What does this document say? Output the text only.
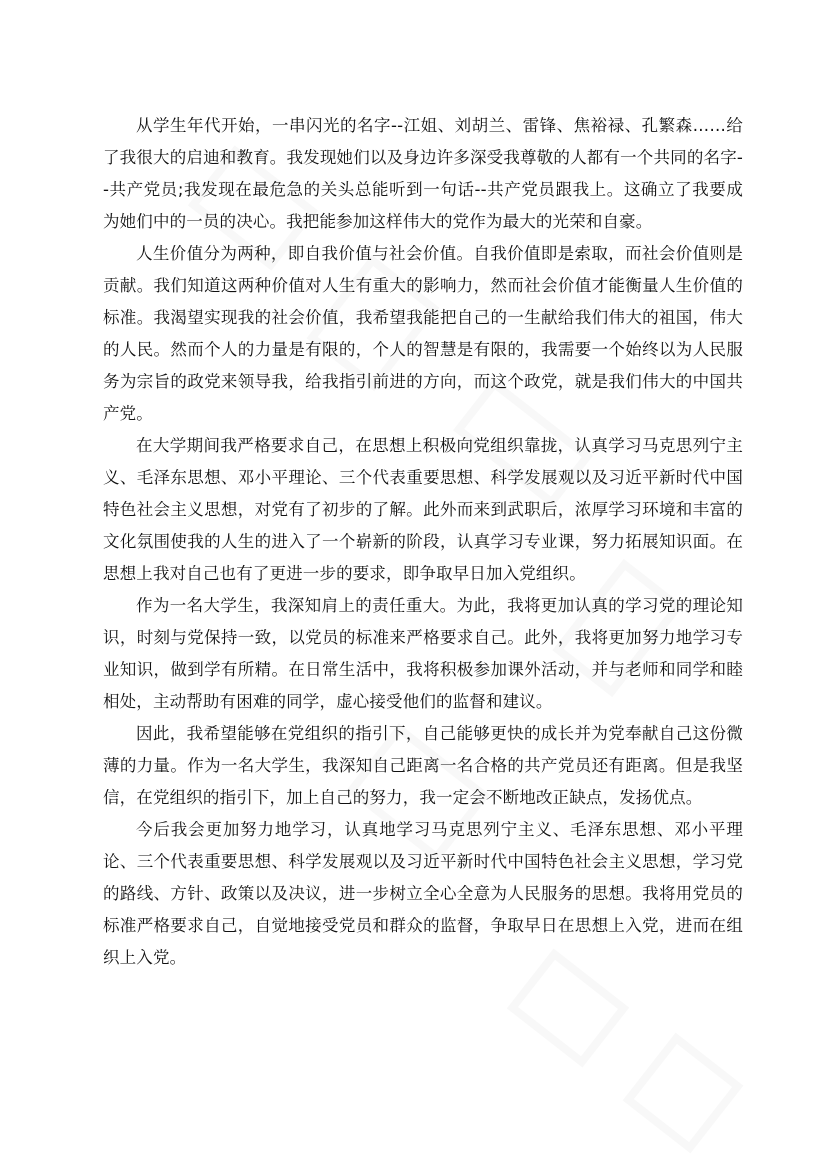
从学生年代开始，一串闪光的名字--江姐、刘胡兰、雷锋、焦裕禄、孔繁森……给了我很大的启迪和教育。我发现她们以及身边许多深受我尊敬的人都有一个共同的名字--共产党员;我发现在最危急的关头总能听到一句话--共产党员跟我上。这确立了我要成为她们中的一员的决心。我把能参加这样伟大的党作为最大的光荣和自豪。

人生价值分为两种，即自我价值与社会价值。自我价值即是索取，而社会价值则是贡献。我们知道这两种价值对人生有重大的影响力，然而社会价值才能衡量人生价值的标准。我渴望实现我的社会价值，我希望我能把自己的一生献给我们伟大的祖国，伟大的人民。然而个人的力量是有限的，个人的智慧是有限的，我需要一个始终以为人民服务为宗旨的政党来领导我，给我指引前进的方向，而这个政党，就是我们伟大的中国共产党。

在大学期间我严格要求自己，在思想上积极向党组织靠拢，认真学习马克思列宁主义、毛泽东思想、邓小平理论、三个代表重要思想、科学发展观以及习近平新时代中国特色社会主义思想，对党有了初步的了解。此外而来到武职后，浓厚学习环境和丰富的文化氛围使我的人生的进入了一个崭新的阶段，认真学习专业课，努力拓展知识面。在思想上我对自己也有了更进一步的要求，即争取早日加入党组织。

作为一名大学生，我深知肩上的责任重大。为此，我将更加认真的学习党的理论知识，时刻与党保持一致，以党员的标准来严格要求自己。此外，我将更加努力地学习专业知识，做到学有所精。在日常生活中，我将积极参加课外活动，并与老师和同学和睦相处，主动帮助有困难的同学，虚心接受他们的监督和建议。

因此，我希望能够在党组织的指引下，自己能够更快的成长并为党奉献自己这份微薄的力量。作为一名大学生，我深知自己距离一名合格的共产党员还有距离。但是我坚信，在党组织的指引下，加上自己的努力，我一定会不断地改正缺点，发扬优点。

今后我会更加努力地学习，认真地学习马克思列宁主义、毛泽东思想、邓小平理论、三个代表重要思想、科学发展观以及习近平新时代中国特色社会主义思想，学习党的路线、方针、政策以及决议，进一步树立全心全意为人民服务的思想。我将用党员的标准严格要求自己，自觉地接受党员和群众的监督，争取早日在思想上入党，进而在组织上入党。
